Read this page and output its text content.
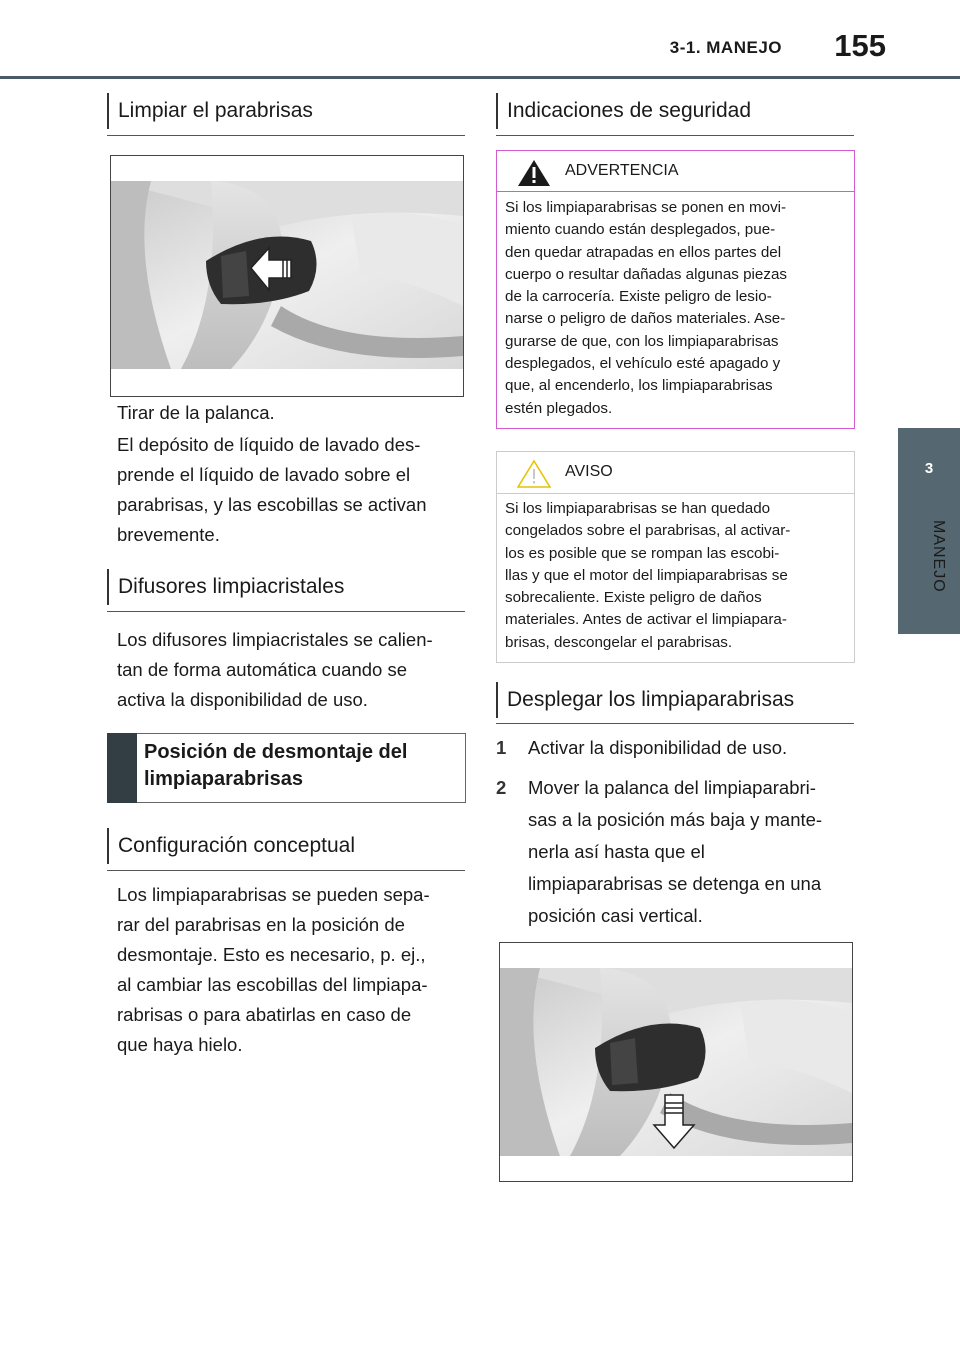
3-1. MANEJO 155
3
MANEJO
Limpiar el parabrisas
Tirar de la palanca.
El depósito de líquido de lavado des-
prende el líquido de lavado sobre el
parabrisas, y las escobillas se activan
brevemente.
Difusores limpiacristales
Los difusores limpiacristales se calien-
tan de forma automática cuando se
activa la disponibilidad de uso.
Posición de desmontaje del
limpiaparabrisas
Configuración conceptual
Los limpiaparabrisas se pueden sepa-
rar del parabrisas en la posición de
desmontaje. Esto es necesario, p. ej.,
al cambiar las escobillas del limpiapa-
rabrisas o para abatirlas en caso de
que haya hielo.
Indicaciones de seguridad
ADVERTENCIA
Si los limpiaparabrisas se ponen en movi-
miento cuando están desplegados, pue-
den quedar atrapadas en ellos partes del
cuerpo o resultar dañadas algunas piezas
de la carrocería. Existe peligro de lesio-
narse o peligro de daños materiales. Ase-
gurarse de que, con los limpiaparabrisas
desplegados, el vehículo esté apagado y
que, al encenderlo, los limpiaparabrisas
estén plegados.
AVISO
Si los limpiaparabrisas se han quedado
congelados sobre el parabrisas, al activar-
los es posible que se rompan las escobi-
llas y que el motor del limpiaparabrisas se
sobrecaliente. Existe peligro de daños
materiales. Antes de activar el limpiapara-
brisas, descongelar el parabrisas.
Desplegar los limpiaparabrisas
1 Activar la disponibilidad de uso.
2 Mover la palanca del limpiaparabri-
sas a la posición más baja y mante-
nerla así hasta que el
limpiaparabrisas se detenga en una
posición casi vertical.
